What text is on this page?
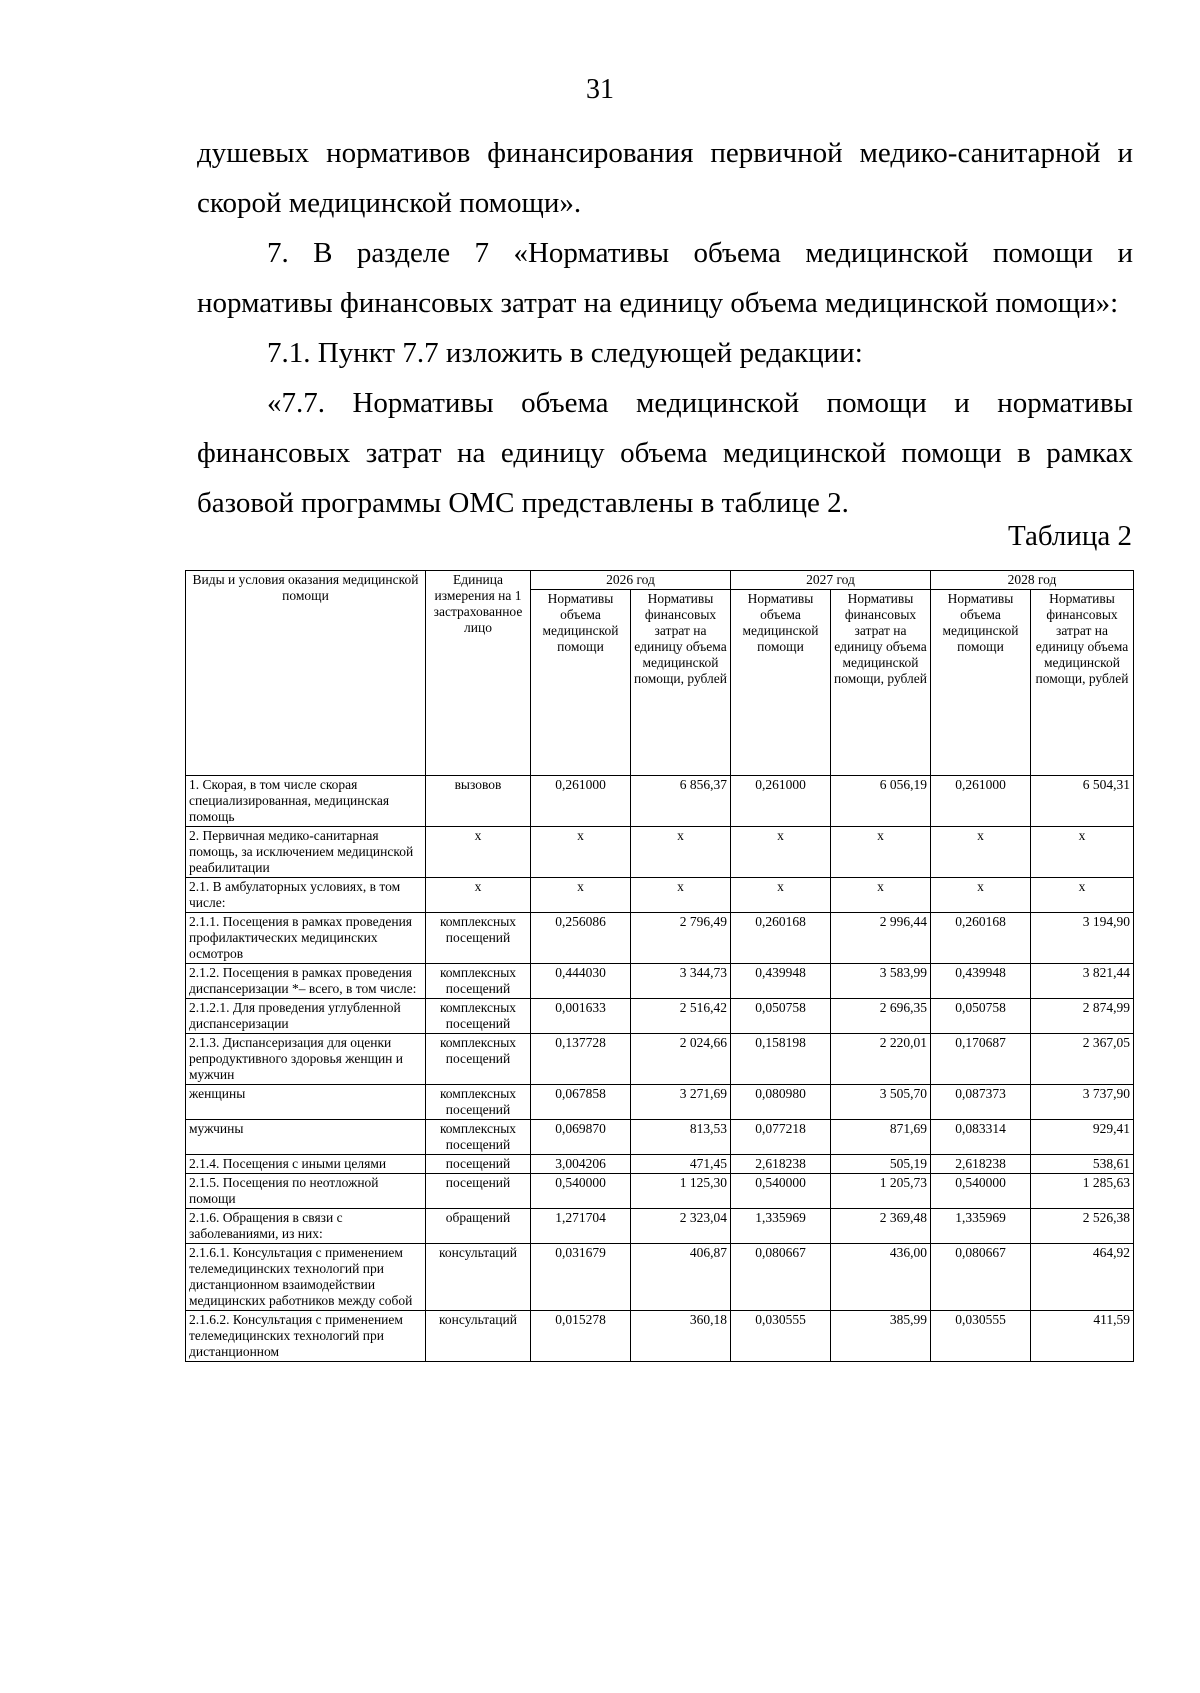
31

душевых нормативов финансирования первичной медико-санитарной и скорой медицинской помощи».

7. В разделе 7 «Нормативы объема медицинской помощи и нормативы финансовых затрат на единицу объема медицинской помощи»:

7.1. Пункт 7.7 изложить в следующей редакции:

«7.7. Нормативы объема медицинской помощи и нормативы финансовых затрат на единицу объема медицинской помощи в рамках базовой программы ОМС представлены в таблице 2.

Таблица 2
Виды и условия оказания медицинской помощи	Единица измерения на 1 застрахованное лицо	2026 год		2027 год		2028 год	
		Нормативы объема медицинской помощи	Нормативы финансовых затрат на единицу объема медицинской помощи, рублей	Нормативы объема медицинской помощи	Нормативы финансовых затрат на единицу объема медицинской помощи, рублей	Нормативы объема медицинской помощи	Нормативы финансовых затрат на единицу объема медицинской помощи, рублей
1. Скорая, в том числе скорая специализированная, медицинская помощь	вызовов	0,261000	6 856,37	0,261000	6 056,19	0,261000	6 504,31
2. Первичная медико-санитарная помощь, за исключением медицинской реабилитации	х	х	х	х	х	х	х
2.1. В амбулаторных условиях, в том числе:	х	х	х	х	х	х	х
2.1.1. Посещения в рамках проведения профилактических медицинских осмотров	комплексных посещений	0,256086	2 796,49	0,260168	2 996,44	0,260168	3 194,90
2.1.2. Посещения в рамках проведения диспансеризации *– всего, в том числе:	комплексных посещений	0,444030	3 344,73	0,439948	3 583,99	0,439948	3 821,44
2.1.2.1. Для проведения углубленной диспансеризации	комплексных посещений	0,001633	2 516,42	0,050758	2 696,35	0,050758	2 874,99
2.1.3. Диспансеризация для оценки репродуктивного здоровья женщин и мужчин	комплексных посещений	0,137728	2 024,66	0,158198	2 220,01	0,170687	2 367,05
женщины	комплексных посещений	0,067858	3 271,69	0,080980	3 505,70	0,087373	3 737,90
мужчины	комплексных посещений	0,069870	813,53	0,077218	871,69	0,083314	929,41
2.1.4. Посещения с иными целями	посещений	3,004206	471,45	2,618238	505,19	2,618238	538,61
2.1.5. Посещения по неотложной помощи	посещений	0,540000	1 125,30	0,540000	1 205,73	0,540000	1 285,63
2.1.6. Обращения в связи с заболеваниями, из них:	обращений	1,271704	2 323,04	1,335969	2 369,48	1,335969	2 526,38
2.1.6.1. Консультация с применением телемедицинских технологий при дистанционном взаимодействии медицинских работников между собой	консультаций	0,031679	406,87	0,080667	436,00	0,080667	464,92
2.1.6.2. Консультация с применением телемедицинских технологий при дистанционном	консультаций	0,015278	360,18	0,030555	385,99	0,030555	411,59
